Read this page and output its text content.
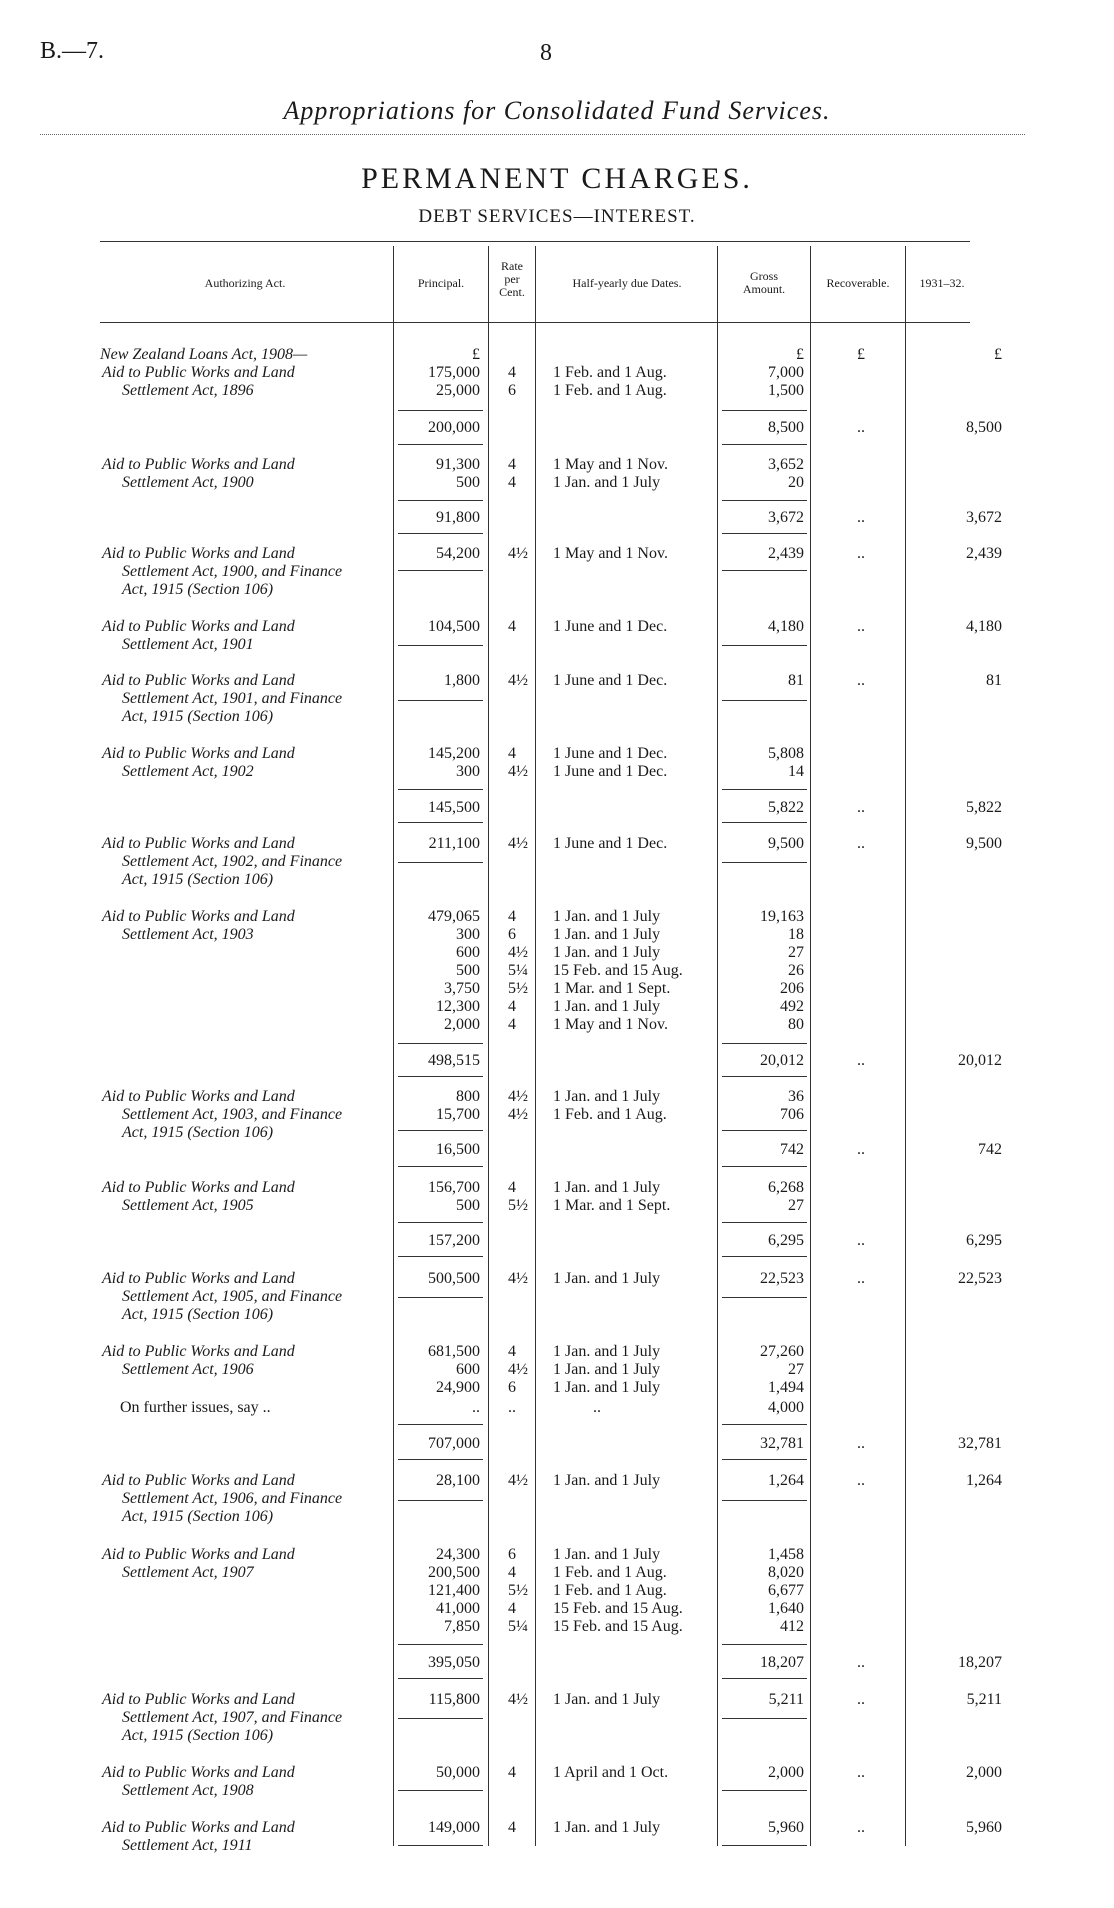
B.—7.	8
Appropriations for Consolidated Fund Services.
PERMANENT CHARGES.
DEBT SERVICES—INTEREST.
Authorizing Act.	Principal.
Rate
per
Cent.
Half-yearly due Dates.	Gross
Amount.	Recoverable.	1931–32.
New Zealand Loans Act, 1908—	£	£	£	£
Aid to Public Works and Land	175,000 4	1 Feb. and 1 Aug.	7,000
Settlement Act, 1896	25,000 6	1 Feb. and 1 Aug.	1,500
200,000	8,500	..	8,500
Aid to Public Works and Land	91,300 4	1 May and 1 Nov.	3,652
Settlement Act, 1900	500 4	1 Jan. and 1 July	20
91,800	3,672	..	3,672
Aid to Public Works and Land	54,200 4½ 1 May and 1 Nov.	2,439	..	2,439
Settlement Act, 1900, and Finance
Act, 1915 (Section 106)
Aid to Public Works and Land	104,500 4	1 June and 1 Dec.	4,180	..	4,180
Settlement Act, 1901
Aid to Public Works and Land	1,800 4½ 1 June and 1 Dec.	81	..	81
Settlement Act, 1901, and Finance
Act, 1915 (Section 106)
Aid to Public Works and Land	145,200 4	1 June and 1 Dec.	5,808
Settlement Act, 1902	300 4½ 1 June and 1 Dec.	14
145,500	5,822	..	5,822
Aid to Public Works and Land	211,100 4½ 1 June and 1 Dec.	9,500	..	9,500
Settlement Act, 1902, and Finance
Act, 1915 (Section 106)
Aid to Public Works and Land	479,065 4	1 Jan. and 1 July	19,163
Settlement Act, 1903	300 6	1 Jan. and 1 July	18
600 4½ 1 Jan. and 1 July	27
500 5¼ 15 Feb. and 15 Aug.	26
3,750 5½ 1 Mar. and 1 Sept.	206
12,300 4	1 Jan. and 1 July	492
2,000 4	1 May and 1 Nov.	80
498,515	20,012	..	20,012
Aid to Public Works and Land	800 4½ 1 Jan. and 1 July	36
Settlement Act, 1903, and Finance	15,700 4½ 1 Feb. and 1 Aug.	706
Act, 1915 (Section 106)
16,500	742	..	742
Aid to Public Works and Land	156,700 4	1 Jan. and 1 July	6,268
Settlement Act, 1905	500 5½ 1 Mar. and 1 Sept.	27
157,200	6,295	..	6,295
Aid to Public Works and Land	500,500 4½ 1 Jan. and 1 July	22,523	..	22,523
Settlement Act, 1905, and Finance
Act, 1915 (Section 106)
Aid to Public Works and Land	681,500 4	1 Jan. and 1 July	27,260
Settlement Act, 1906	600 4½ 1 Jan. and 1 July	27
24,900 6	1 Jan. and 1 July	1,494
On further issues, say ..	.. ..	..	4,000
707,000	32,781	..	32,781
Aid to Public Works and Land	28,100 4½ 1 Jan. and 1 July	1,264	..	1,264
Settlement Act, 1906, and Finance
Act, 1915 (Section 106)
Aid to Public Works and Land	24,300 6	1 Jan. and 1 July	1,458
Settlement Act, 1907	200,500 4	1 Feb. and 1 Aug.	8,020
121,400 5½ 1 Feb. and 1 Aug.	6,677
41,000 4	15 Feb. and 15 Aug.	1,640
7,850 5¼ 15 Feb. and 15 Aug.	412
395,050	18,207	..	18,207
Aid to Public Works and Land	115,800 4½ 1 Jan. and 1 July	5,211	..	5,211
Settlement Act, 1907, and Finance
Act, 1915 (Section 106)
Aid to Public Works and Land	50,000 4	1 April and 1 Oct.	2,000	..	2,000
Settlement Act, 1908
Aid to Public Works and Land	149,000 4	1 Jan. and 1 July	5,960	..	5,960
Settlement Act, 1911
